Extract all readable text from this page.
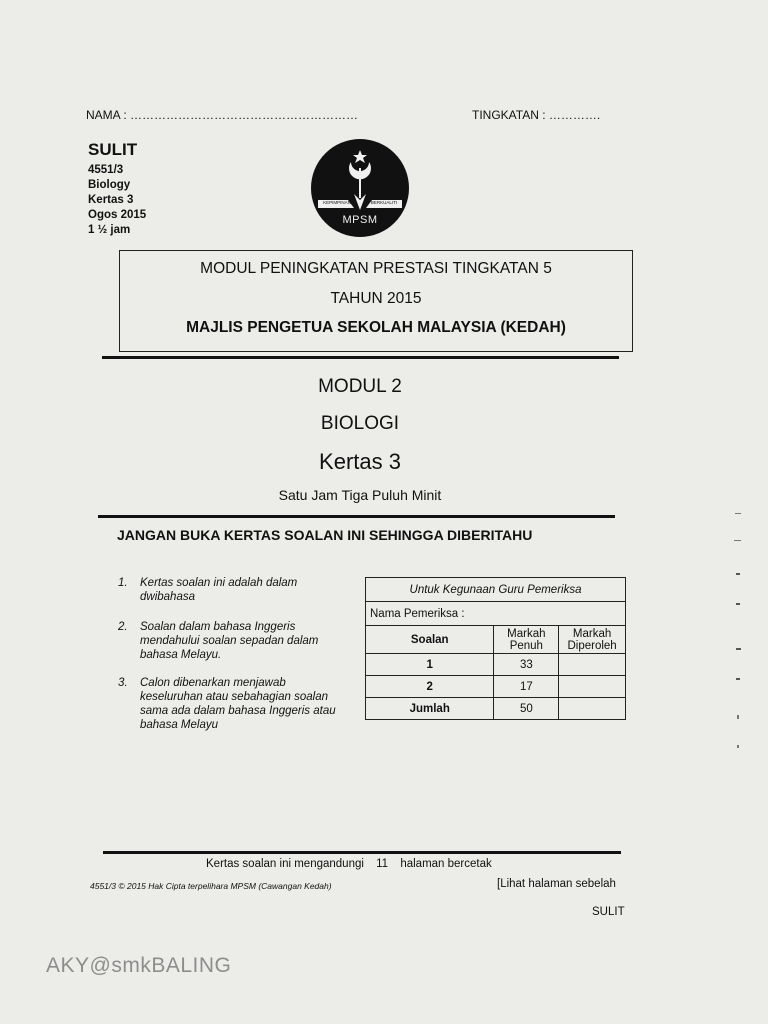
NAMA : …………………………………………………	TINGKATAN : ………….
SULIT
4551/3
Biology
Kertas 3
Ogos 2015
1 ½ jam
KEPIMPINAN	BERKUALITI
MPSM
MODUL PENINGKATAN PRESTASI TINGKATAN 5
TAHUN 2015
MAJLIS PENGETUA SEKOLAH MALAYSIA (KEDAH)
MODUL 2
BIOLOGI
Kertas 3
Satu Jam Tiga Puluh Minit
JANGAN BUKA KERTAS SOALAN INI SEHINGGA DIBERITAHU
1. Kertas soalan ini adalah dalam dwibahasa
2. Soalan dalam bahasa Inggeris mendahului soalan sepadan dalam bahasa Melayu.
3. Calon dibenarkan menjawab keseluruhan atau sebahagian soalan sama ada dalam bahasa Inggeris atau bahasa Melayu
Untuk Kegunaan Guru Pemeriksa		
Nama Pemeriksa :		
Soalan	Markah Penuh	Markah Diperoleh
1	33	
2	17	
Jumlah	50	
Kertas soalan ini mengandungi 11 halaman bercetak
4551/3 © 2015 Hak Cipta terpelihara MPSM (Cawangan Kedah)	[Lihat halaman sebelah
SULIT
AKY@smkBALING
